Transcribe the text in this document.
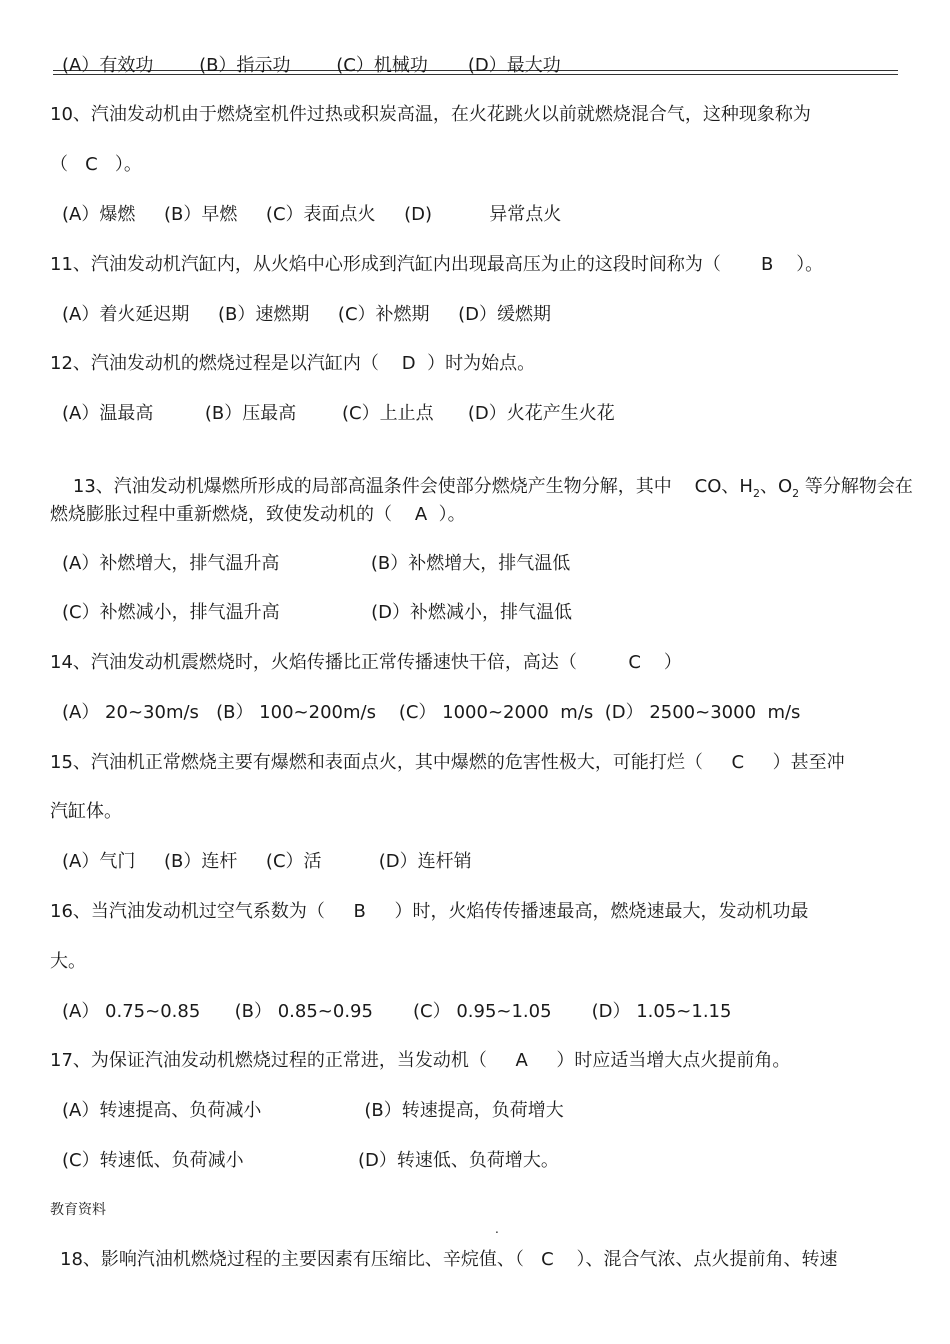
(A）有效功        (B）指示功        (C）机械功       (D）最大功
10、汽油发动机由于燃烧室机件过热或积炭高温，在火花跳火以前就燃烧混合气，这种现象称为
（   C   ）。
(A）爆燃     (B）早燃     (C）表面点火     (D)          异常点火
11、汽油发动机汽缸内，从火焰中心形成到汽缸内出现最高压为止的这段时间称为（       B    ）。
(A）着火延迟期     (B）速燃期     (C）补燃期     (D）缓燃期
12、汽油发动机的燃烧过程是以汽缸内（    D  ）时为始点。
(A）温最高         (B）压最高        (C）上止点      (D）火花产生火花

13、汽油发动机爆燃所形成的局部高温条件会使部分燃烧产生物分解，其中    CO、$H_2$、$O_2$ 等分解物会在

燃烧膨胀过程中重新燃烧，致使发动机的（    A  ）。
(A）补燃增大，排气温升高                (B）补燃增大，排气温低
(C）补燃减小，排气温升高                (D）补燃减小，排气温低
14、汽油发动机震燃烧时，火焰传播比正常传播速快干倍，高达（         C    ）
(A） 20~30m/s   (B） 100~200m/s    (C） 1000~2000  m/s  (D） 2500~3000  m/s
15、汽油机正常燃烧主要有爆燃和表面点火，其中爆燃的危害性极大，可能打烂（     C     ）甚至冲
汽缸体。
(A）气门     (B）连杆     (C）活          (D）连杆销
16、当汽油发动机过空气系数为（     B     ）时，火焰传传播速最高，燃烧速最大，发动机功最
大。
(A） 0.75~0.85      (B） 0.85~0.95       (C） 0.95~1.05       (D） 1.05~1.15
17、为保证汽油发动机燃烧过程的正常进，当发动机（     A     ）时应适当增大点火提前角。
(A）转速提高、负荷减小                  (B）转速提高，负荷增大
(C）转速低、负荷减小                    (D）转速低、负荷增大。
教育资料
.
18、影响汽油机燃烧过程的主要因素有压缩比、辛烷值、（   C    ）、混合气浓、点火提前角、转速
